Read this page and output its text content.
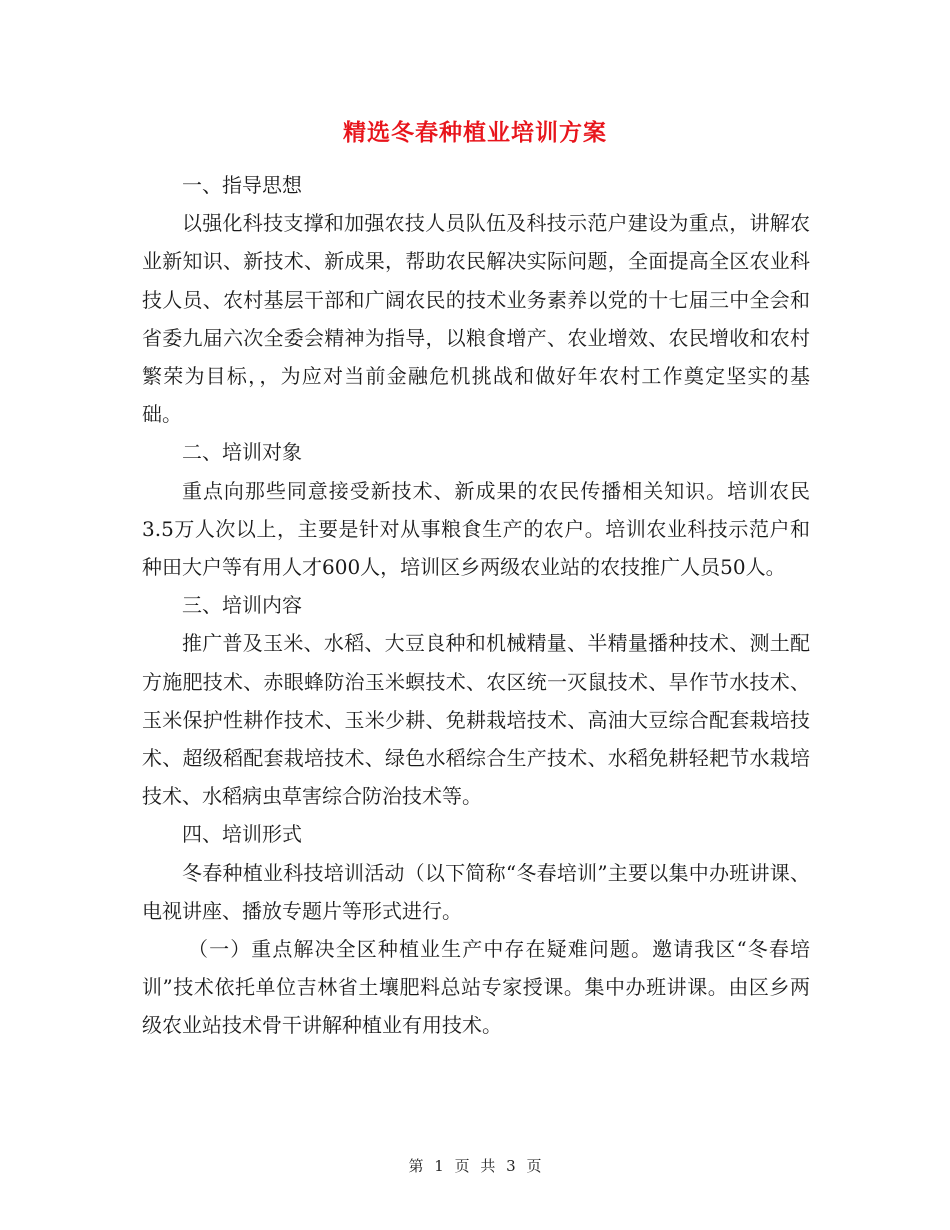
精选冬春种植业培训方案

一、指导思想

以强化科技支撑和加强农技人员队伍及科技示范户建设为重点，讲解农业新知识、新技术、新成果，帮助农民解决实际问题，全面提高全区农业科技人员、农村基层干部和广阔农民的技术业务素养以党的十七届三中全会和省委九届六次全委会精神为指导，以粮食增产、农业增效、农民增收和农村繁荣为目标，，为应对当前金融危机挑战和做好年农村工作奠定坚实的基础。

二、培训对象

重点向那些同意接受新技术、新成果的农民传播相关知识。培训农民3.5万人次以上，主要是针对从事粮食生产的农户。培训农业科技示范户和种田大户等有用人才600人，培训区乡两级农业站的农技推广人员50人。

三、培训内容

推广普及玉米、水稻、大豆良种和机械精量、半精量播种技术、测土配方施肥技术、赤眼蜂防治玉米螟技术、农区统一灭鼠技术、旱作节水技术、玉米保护性耕作技术、玉米少耕、免耕栽培技术、高油大豆综合配套栽培技术、超级稻配套栽培技术、绿色水稻综合生产技术、水稻免耕轻耙节水栽培技术、水稻病虫草害综合防治技术等。

四、培训形式

冬春种植业科技培训活动（以下简称“冬春培训”主要以集中办班讲课、电视讲座、播放专题片等形式进行。

（一）重点解决全区种植业生产中存在疑难问题。邀请我区“冬春培训”技术依托单位吉林省土壤肥料总站专家授课。集中办班讲课。由区乡两级农业站技术骨干讲解种植业有用技术。

第 1 页 共 3 页
